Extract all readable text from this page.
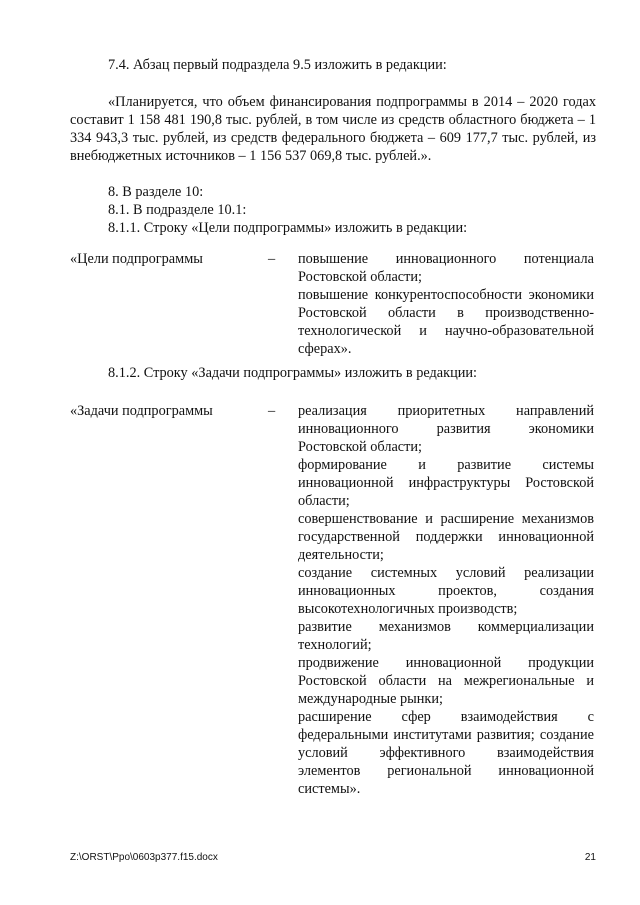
7.4. Абзац первый подраздела 9.5 изложить в редакции:

«Планируется, что объем финансирования подпрограммы в 2014 – 2020 годах составит 1 158 481 190,8 тыс. рублей, в том числе из средств областного бюджета – 1 334 943,3 тыс. рублей, из средств федерального бюджета – 609 177,7 тыс. рублей, из внебюджетных источников – 1 156 537 069,8 тыс. рублей.».

8. В разделе 10:
8.1. В подразделе 10.1:
8.1.1. Строку «Цели подпрограммы» изложить в редакции:
«Цели подпрограммы	– повышение инновационного потенциала Ростовской области;
повышение конкурентоспособности экономики Ростовской области в производственно-технологической и научно-образовательной сферах».

8.1.2. Строку «Задачи подпрограммы» изложить в редакции:

«Задачи подпрограммы	– реализация приоритетных направлений инновационного развития экономики Ростовской области;
формирование и развитие системы инновационной инфраструктуры Ростовской области;
совершенствование и расширение механизмов государственной поддержки инновационной деятельности;
создание системных условий реализации инновационных проектов, создания высокотехнологичных производств;
развитие механизмов коммерциализации технологий;
продвижение инновационной продукции Ростовской области на межрегиональные и международные рынки;
расширение сфер взаимодействия с федеральными институтами развития; создание условий эффективного взаимодействия элементов региональной инновационной системы».
Z:\ORST\Ppo\0603p377.f15.docx	21
